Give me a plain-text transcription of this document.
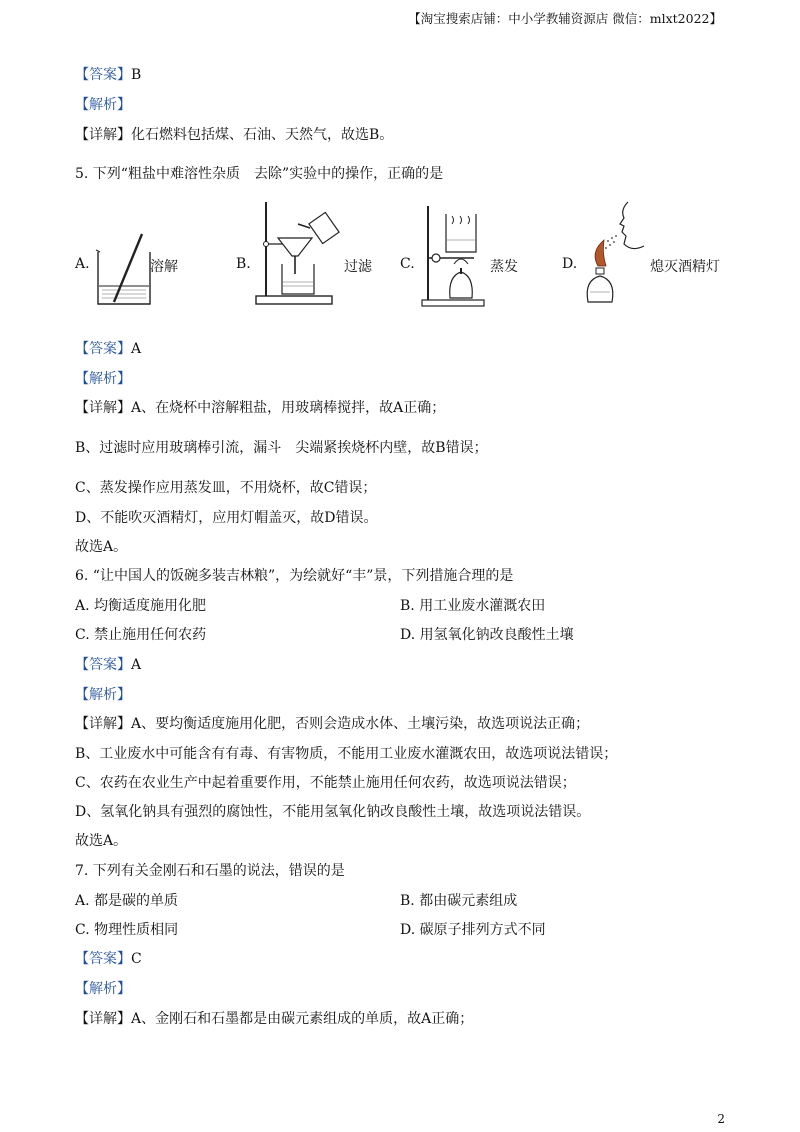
【淘宝搜索店铺：中小学教辅资源店 微信：mlxt2022】
【答案】B
【解析】
【详解】化石燃料包括煤、石油、天然气，故选B。
5. 下列“粗盐中难溶性杂质　去除”实验中的操作，正确的是
A.	溶解	B.	过滤 C.	蒸发	D.	熄灭酒精灯
【答案】A
【解析】
【详解】A、在烧杯中溶解粗盐，用玻璃棒搅拌，故A正确；
B、过滤时应用玻璃棒引流，漏斗　尖端紧挨烧杯内壁，故B错误；
C、蒸发操作应用蒸发皿，不用烧杯，故C错误；
D、不能吹灭酒精灯，应用灯帽盖灭，故D错误。
故选A。
6. “让中国人的饭碗多装吉林粮”，为绘就好“丰”景，下列措施合理的是
A. 均衡适度施用化肥	B. 用工业废水灌溉农田
C. 禁止施用任何农药	D. 用氢氧化钠改良酸性土壤
【答案】A
【解析】
【详解】A、要均衡适度施用化肥，否则会造成水体、土壤污染，故选项说法正确；
B、工业废水中可能含有有毒、有害物质，不能用工业废水灌溉农田，故选项说法错误；
C、农药在农业生产中起着重要作用，不能禁止施用任何农药，故选项说法错误；
D、氢氧化钠具有强烈的腐蚀性，不能用氢氧化钠改良酸性土壤，故选项说法错误。
故选A。
7. 下列有关金刚石和石墨的说法，错误的是
A. 都是碳的单质	B. 都由碳元素组成
C. 物理性质相同	D. 碳原子排列方式不同
【答案】C
【解析】
【详解】A、金刚石和石墨都是由碳元素组成的单质，故A正确；
2
